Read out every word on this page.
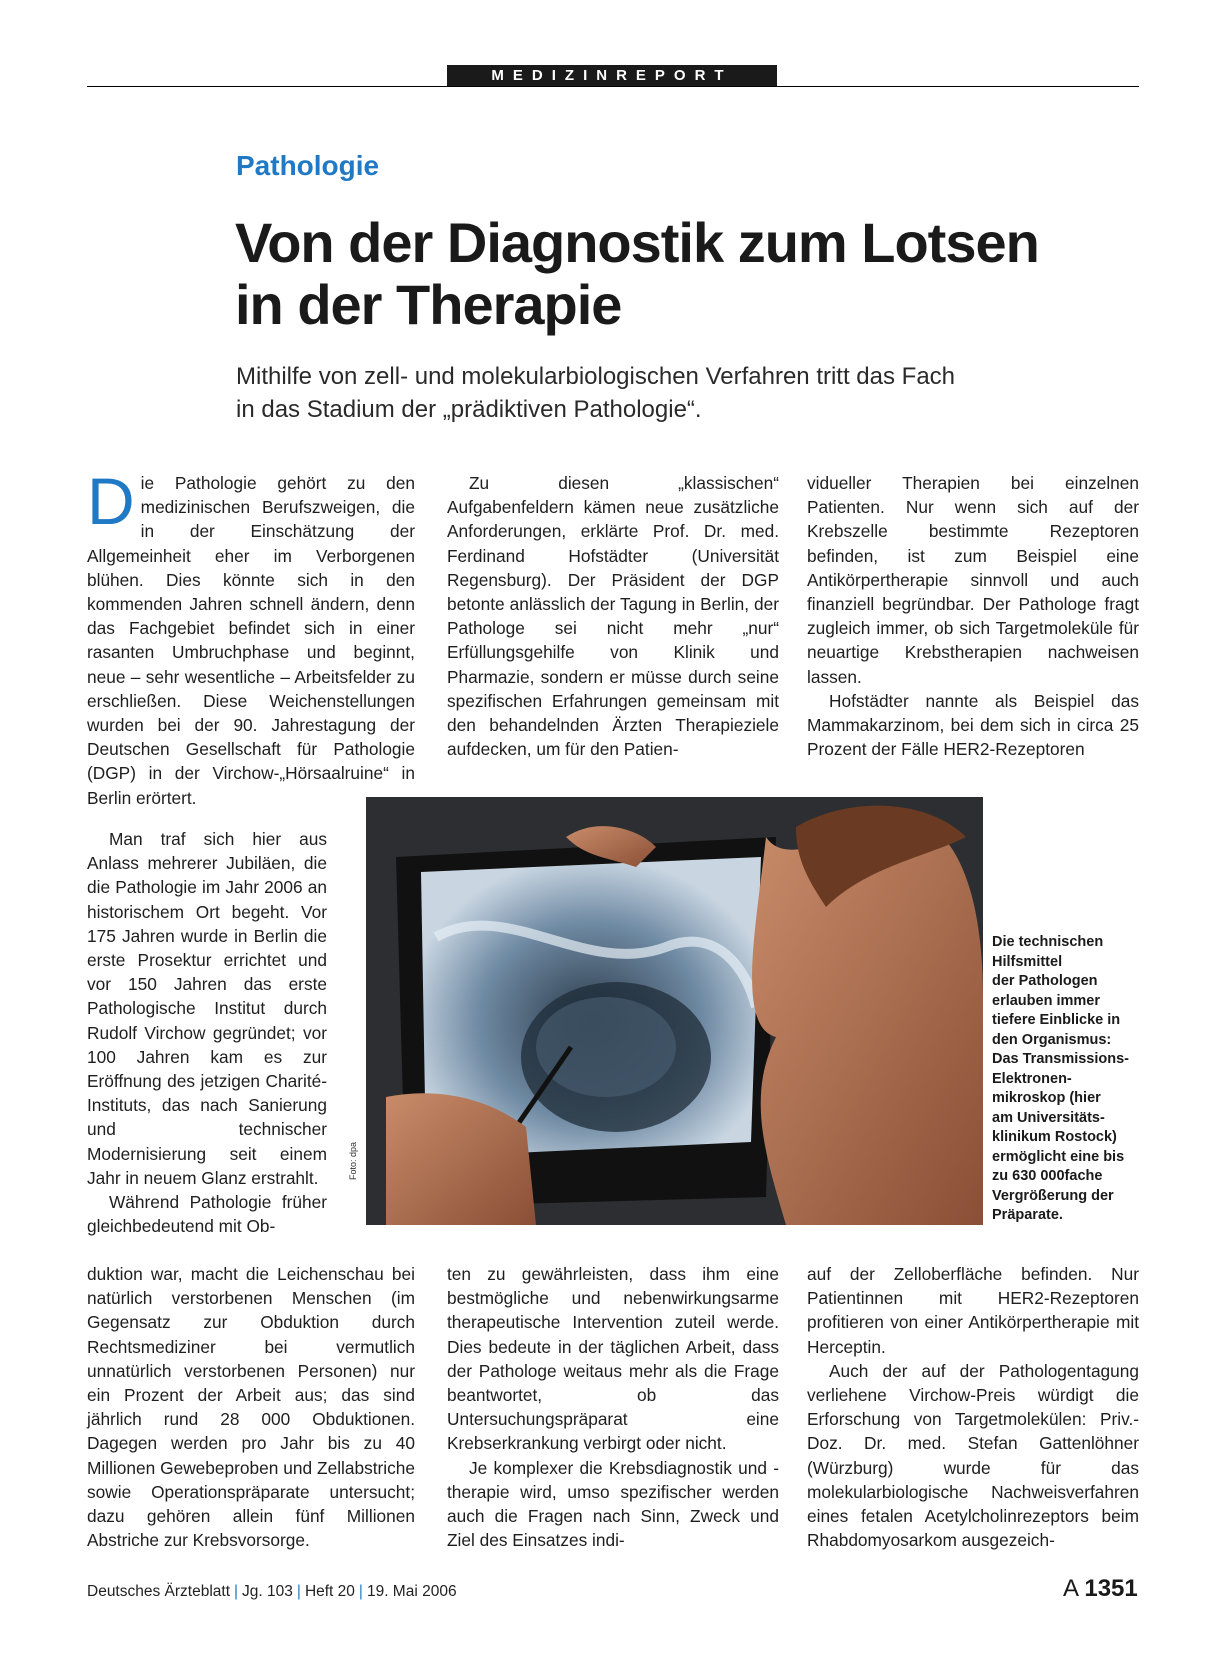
MEDIZINREPORT
Pathologie
Von der Diagnostik zum Lotsen
in der Therapie

Mithilfe von zell- und molekularbiologischen Verfahren tritt das Fach
in das Stadium der „prädiktiven Pathologie“.

Die Pathologie gehört zu den medizinischen Berufszweigen, die in der Einschätzung der Allgemeinheit eher im Verborgenen blühen. Dies könnte sich in den kommenden Jahren schnell ändern, denn das Fachgebiet befindet sich in einer rasanten Umbruchphase und beginnt, neue – sehr wesentliche – Arbeitsfelder zu erschließen. Diese Weichenstellungen wurden bei der 90. Jahrestagung der Deutschen Gesellschaft für Pathologie (DGP) in der Virchow-„Hörsaalruine“ in Berlin erörtert.

Man traf sich hier aus Anlass mehrerer Jubiläen, die die Pathologie im Jahr 2006 an historischem Ort begeht. Vor 175 Jahren wurde in Berlin die erste Prosektur errichtet und vor 150 Jahren das erste Pathologische Institut durch Rudolf Virchow gegründet; vor 100 Jahren kam es zur Eröffnung des jetzigen Charité-Instituts, das nach Sanierung und technischer Modernisierung seit einem Jahr in neuem Glanz erstrahlt.

Während Pathologie früher gleichbedeutend mit Ob-

duktion war, macht die Leichenschau bei natürlich verstorbenen Menschen (im Gegensatz zur Obduktion durch Rechtsmediziner bei vermutlich unnatürlich verstorbenen Personen) nur ein Prozent der Arbeit aus; das sind jährlich rund 28 000 Obduktionen. Dagegen werden pro Jahr bis zu 40 Millionen Gewebeproben und Zellabstriche sowie Operationspräparate untersucht; dazu gehören allein fünf Millionen Abstriche zur Krebsvorsorge.

Zu diesen „klassischen“ Aufgabenfeldern kämen neue zusätzliche Anforderungen, erklärte Prof. Dr. med. Ferdinand Hofstädter (Universität Regensburg). Der Präsident der DGP betonte anlässlich der Tagung in Berlin, der Pathologe sei nicht mehr „nur“ Erfüllungsgehilfe von Klinik und Pharmazie, sondern er müsse durch seine spezifischen Erfahrungen gemeinsam mit den behandelnden Ärzten Therapieziele aufdecken, um für den Patien-

ten zu gewährleisten, dass ihm eine bestmögliche und nebenwirkungsarme therapeutische Intervention zuteil werde. Dies bedeute in der täglichen Arbeit, dass der Pathologe weitaus mehr als die Frage beantwortet, ob das Untersuchungspräparat eine Krebserkrankung verbirgt oder nicht.

Je komplexer die Krebsdiagnostik und -therapie wird, umso spezifischer werden auch die Fragen nach Sinn, Zweck und Ziel des Einsatzes indi-

vidueller Therapien bei einzelnen Patienten. Nur wenn sich auf der Krebszelle bestimmte Rezeptoren befinden, ist zum Beispiel eine Antikörpertherapie sinnvoll und auch finanziell begründbar. Der Pathologe fragt zugleich immer, ob sich Targetmoleküle für neuartige Krebstherapien nachweisen lassen.

Hofstädter nannte als Beispiel das Mammakarzinom, bei dem sich in circa 25 Prozent der Fälle HER2-Rezeptoren

auf der Zelloberfläche befinden. Nur Patientinnen mit HER2-Rezeptoren profitieren von einer Antikörpertherapie mit Herceptin.

Auch der auf der Pathologentagung verliehene Virchow-Preis würdigt die Erforschung von Targetmolekülen: Priv.-Doz. Dr. med. Stefan Gattenlöhner (Würzburg) wurde für das molekularbiologische Nachweisverfahren eines fetalen Acetylcholinrezeptors beim Rhabdomyosarkom ausgezeich-

Foto: dpa

Die technischen
Hilfsmittel
der Pathologen
erlauben immer
tiefere Einblicke in
den Organismus:
Das Transmissions-
Elektronen-
mikroskop (hier
am Universitäts-
klinikum Rostock)
ermöglicht eine bis
zu 630 000fache
Vergrößerung der
Präparate.

Deutsches Ärzteblatt | Jg. 103 | Heft 20 | 19. Mai 2006	A 1351
